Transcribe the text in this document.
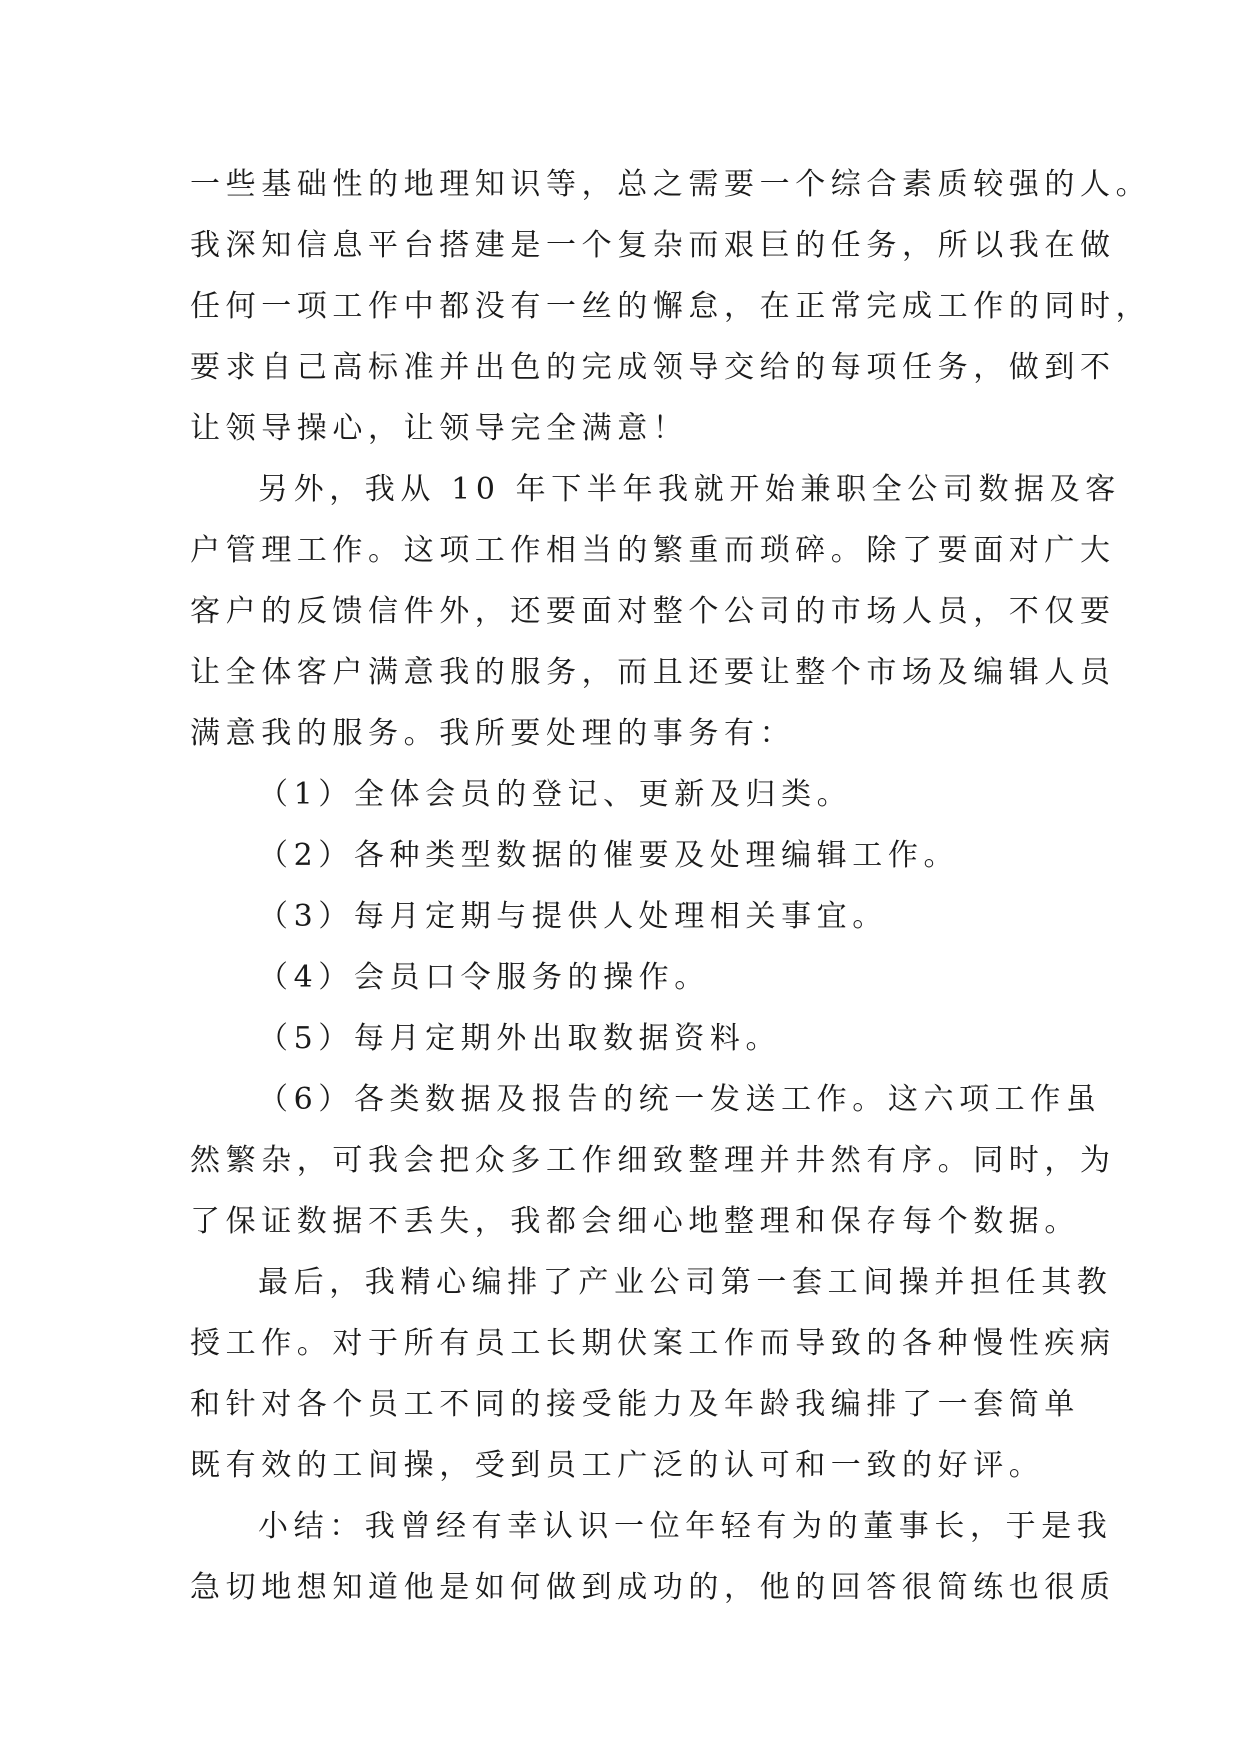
一些基础性的地理知识等，总之需要一个综合素质较强的人。
我深知信息平台搭建是一个复杂而艰巨的任务，所以我在做
任何一项工作中都没有一丝的懈怠，在正常完成工作的同时，
要求自己高标准并出色的完成领导交给的每项任务，做到不
让领导操心，让领导完全满意！
另外，我从 10 年下半年我就开始兼职全公司数据及客
户管理工作。这项工作相当的繁重而琐碎。除了要面对广大
客户的反馈信件外，还要面对整个公司的市场人员，不仅要
让全体客户满意我的服务，而且还要让整个市场及编辑人员
满意我的服务。我所要处理的事务有：
（1）全体会员的登记、更新及归类。
（2）各种类型数据的催要及处理编辑工作。
（3）每月定期与提供人处理相关事宜。
（4）会员口令服务的操作。
（5）每月定期外出取数据资料。
（6）各类数据及报告的统一发送工作。这六项工作虽
然繁杂，可我会把众多工作细致整理并井然有序。同时，为
了保证数据不丢失，我都会细心地整理和保存每个数据。
最后，我精心编排了产业公司第一套工间操并担任其教
授工作。对于所有员工长期伏案工作而导致的各种慢性疾病
和针对各个员工不同的接受能力及年龄我编排了一套简单
既有效的工间操，受到员工广泛的认可和一致的好评。
小结：我曾经有幸认识一位年轻有为的董事长，于是我
急切地想知道他是如何做到成功的，他的回答很简练也很质
